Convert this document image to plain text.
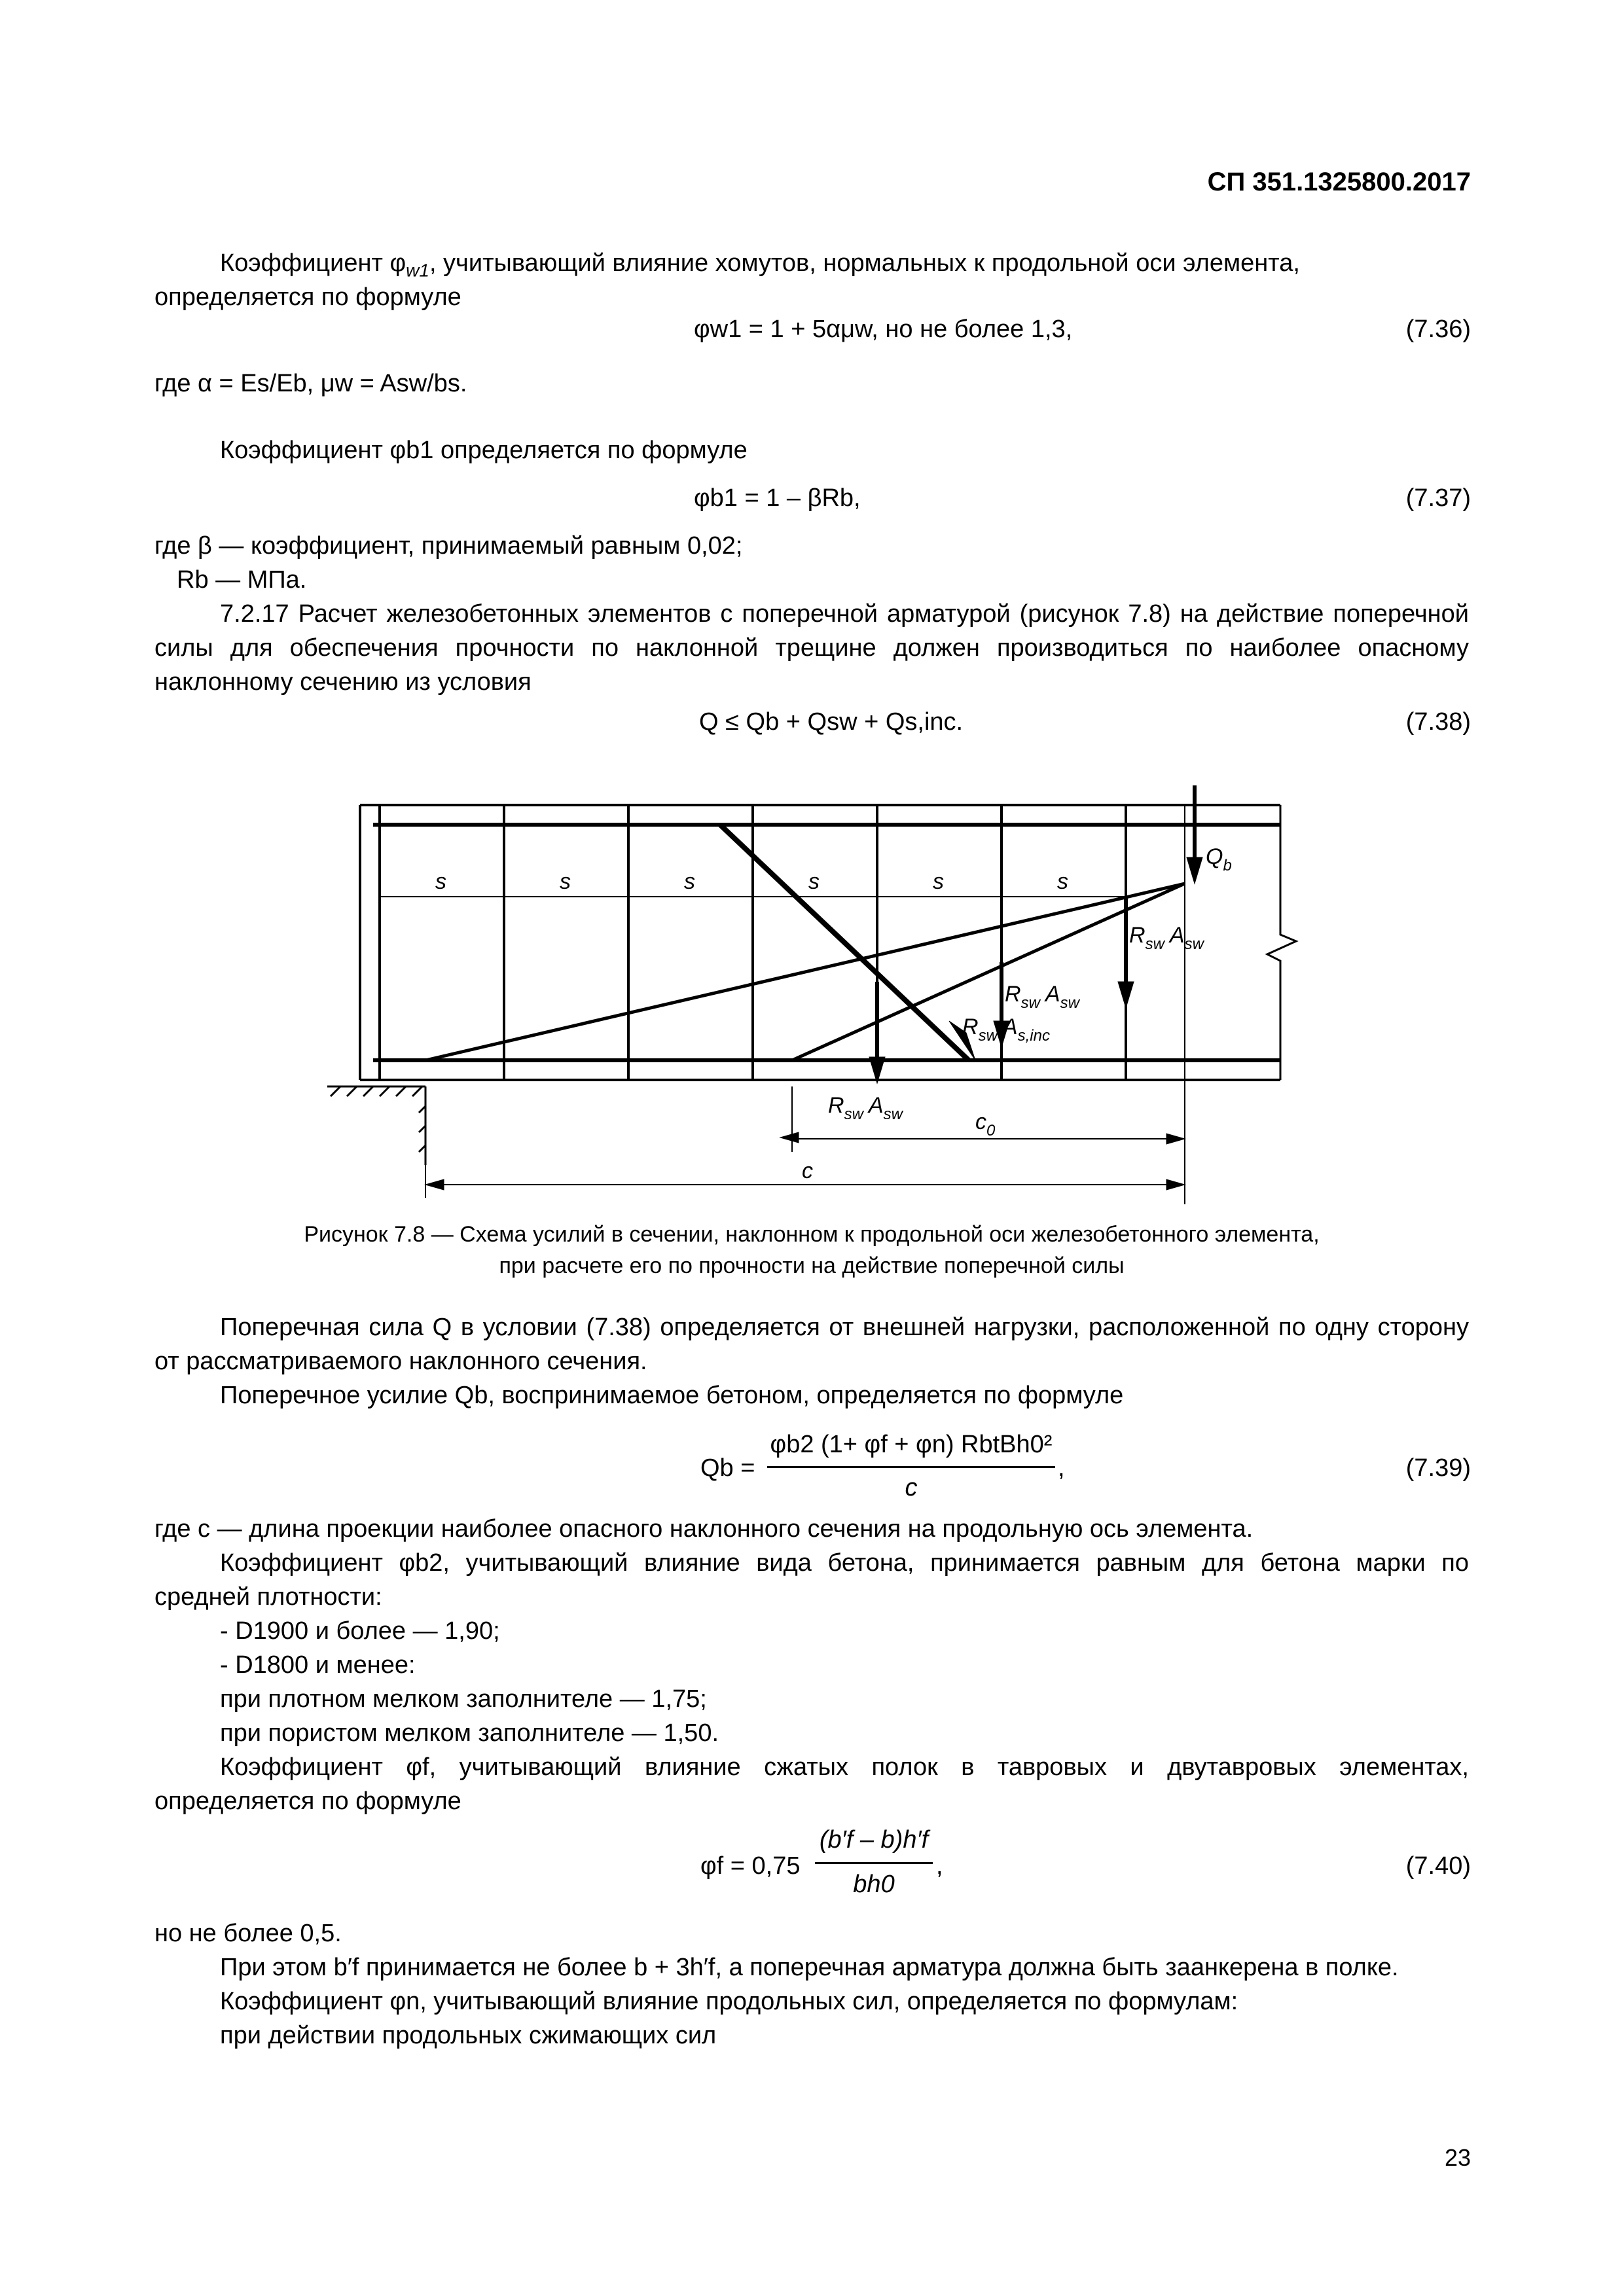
СП 351.1325800.2017
Коэффициент $\varphi_{w1}$, учитывающий влияние хомутов, нормальных к продольной оси элемента,
определяется по формуле
φw1 = 1 + 5αμw, но не более 1,3,	(7.36)
где α = Es/Eb, μw = Asw/bs.
Коэффициент φb1 определяется по формуле
φb1 = 1 – βRb,	(7.37)
где β — коэффициент, принимаемый равным 0,02;
Rb — МПа.
7.2.17 Расчет железобетонных элементов с поперечной арматурой (рисунок 7.8) на действие поперечной силы для обеспечения прочности по наклонной трещине должен производиться по наиболее опасному наклонному сечению из условия
Q ≤ Qb + Qsw + Qs,inc.	(7.38)
s	s	s	s	s	s
$Q_b$
$R_{sw}$ $A_{sw}$
$R_{sw}$ $A_{sw}$
$R_{sw}$ $A_{s,inc}$
$R_{sw}$ $A_{sw}$	$c_0$
c
Рисунок 7.8 — Схема усилий в сечении, наклонном к продольной оси железобетонного элемента,
при расчете его по прочности на действие поперечной силы
Поперечная сила Q в условии (7.38) определяется от внешней нагрузки, расположенной по одну сторону от рассматриваемого наклонного сечения.
Поперечное усилие Qb, воспринимаемое бетоном, определяется по формуле
Qb =
φb2 (1+ φf + φn) RbtBh0²
c
,	(7.39)
где c — длина проекции наиболее опасного наклонного сечения на продольную ось элемента.
Коэффициент φb2, учитывающий влияние вида бетона, принимается равным для бетона марки по средней плотности:
- D1900 и более — 1,90;
- D1800 и менее:
при плотном мелком заполнителе — 1,75;
при пористом мелком заполнителе — 1,50.
Коэффициент φf, учитывающий влияние сжатых полок в тавровых и двутавровых элементах, определяется по формуле
φf = 0,75
(b′f – b)h′f
bh0
,	(7.40)
но не более 0,5.
При этом b′f принимается не более b + 3h′f, а поперечная арматура должна быть заанкерена в полке.
Коэффициент φn, учитывающий влияние продольных сил, определяется по формулам:
при действии продольных сжимающих сил
23
